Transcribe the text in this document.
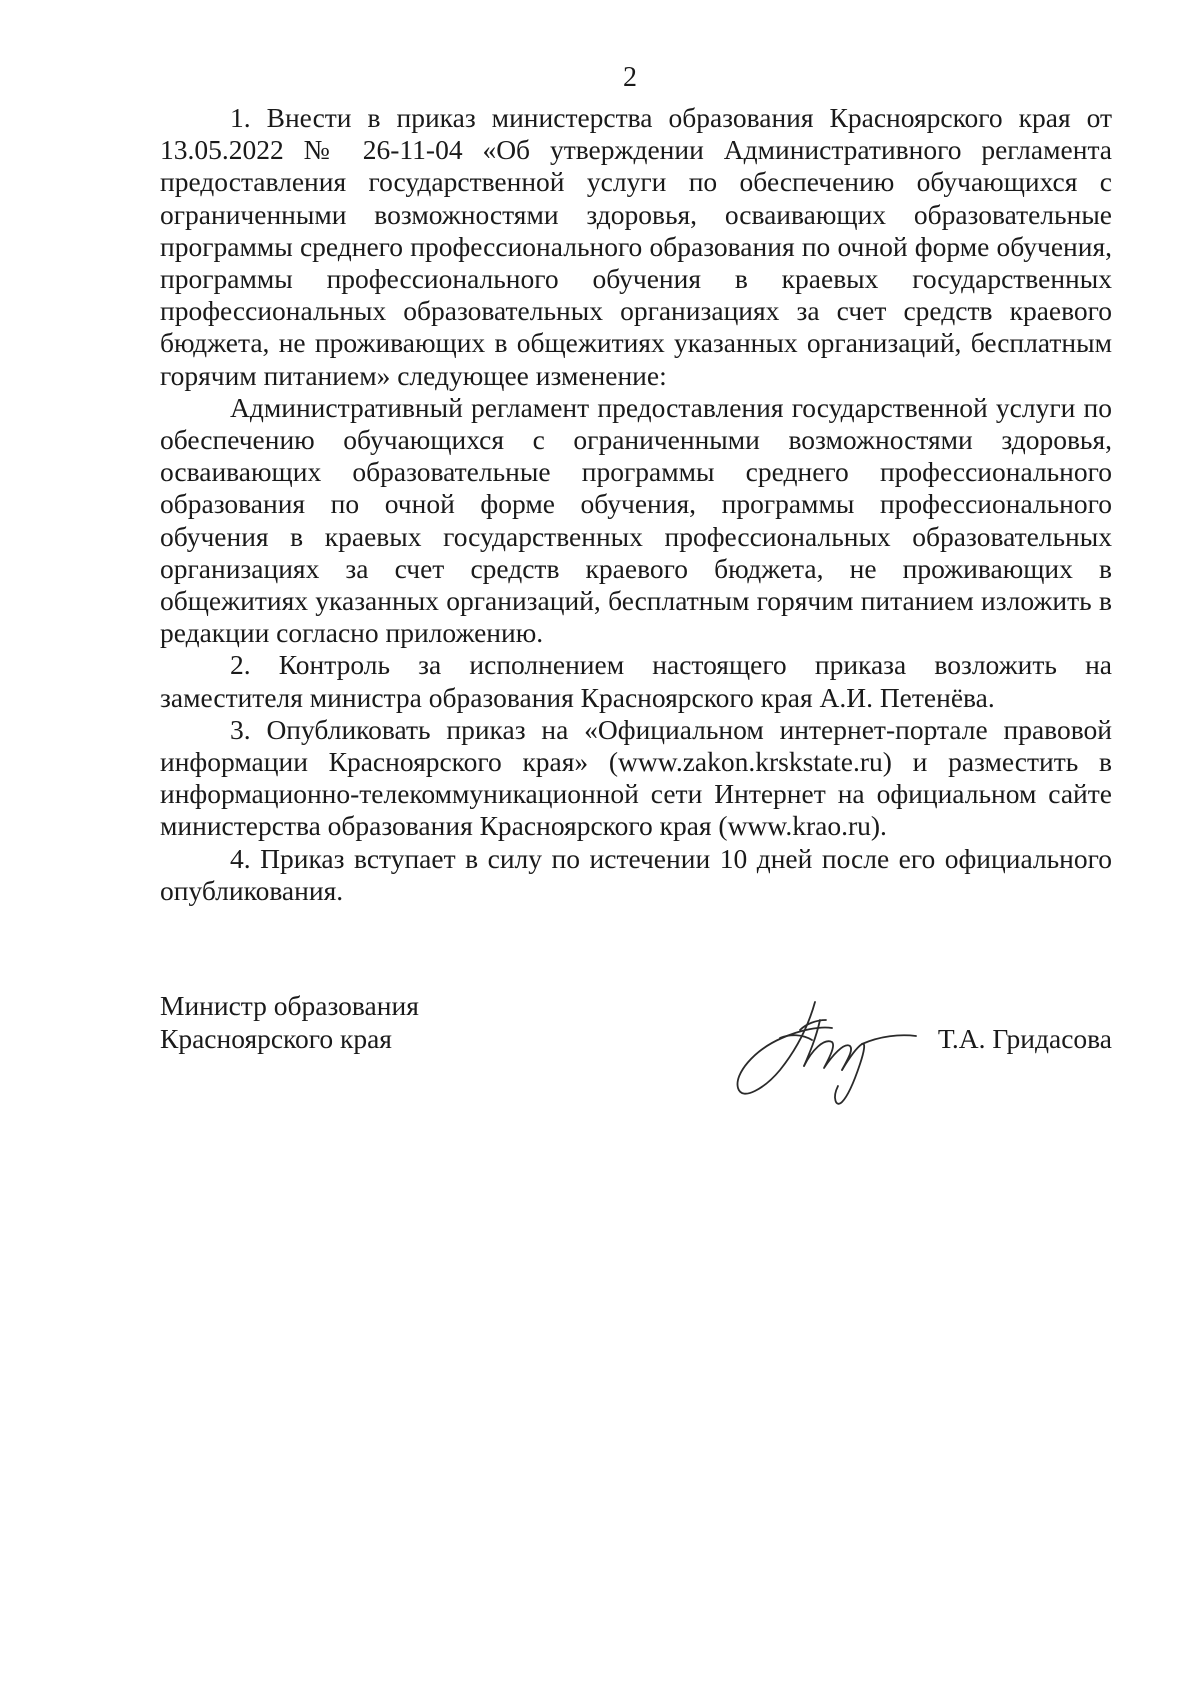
2

1. Внести в приказ министерства образования Красноярского края от 13.05.2022 № 26-11-04 «Об утверждении Административного регламента предоставления государственной услуги по обеспечению обучающихся с ограниченными возможностями здоровья, осваивающих образовательные программы среднего профессионального образования по очной форме обучения, программы профессионального обучения в краевых государственных профессиональных образовательных организациях за счет средств краевого бюджета, не проживающих в общежитиях указанных организаций, бесплатным горячим питанием» следующее изменение:

Административный регламент предоставления государственной услуги по обеспечению обучающихся с ограниченными возможностями здоровья, осваивающих образовательные программы среднего профессионального образования по очной форме обучения, программы профессионального обучения в краевых государственных профессиональных образовательных организациях за счет средств краевого бюджета, не проживающих в общежитиях указанных организаций, бесплатным горячим питанием изложить в редакции согласно приложению.

2. Контроль за исполнением настоящего приказа возложить на заместителя министра образования Красноярского края А.И. Петенёва.

3. Опубликовать приказ на «Официальном интернет-портале правовой информации Красноярского края» (www.zakon.krskstate.ru) и разместить в информационно-телекоммуникационной сети Интернет на официальном сайте министерства образования Красноярского края (www.krao.ru).

4. Приказ вступает в силу по истечении 10 дней после его официального опубликования.

Министр образования
Красноярского края	Т.А. Гридасова
